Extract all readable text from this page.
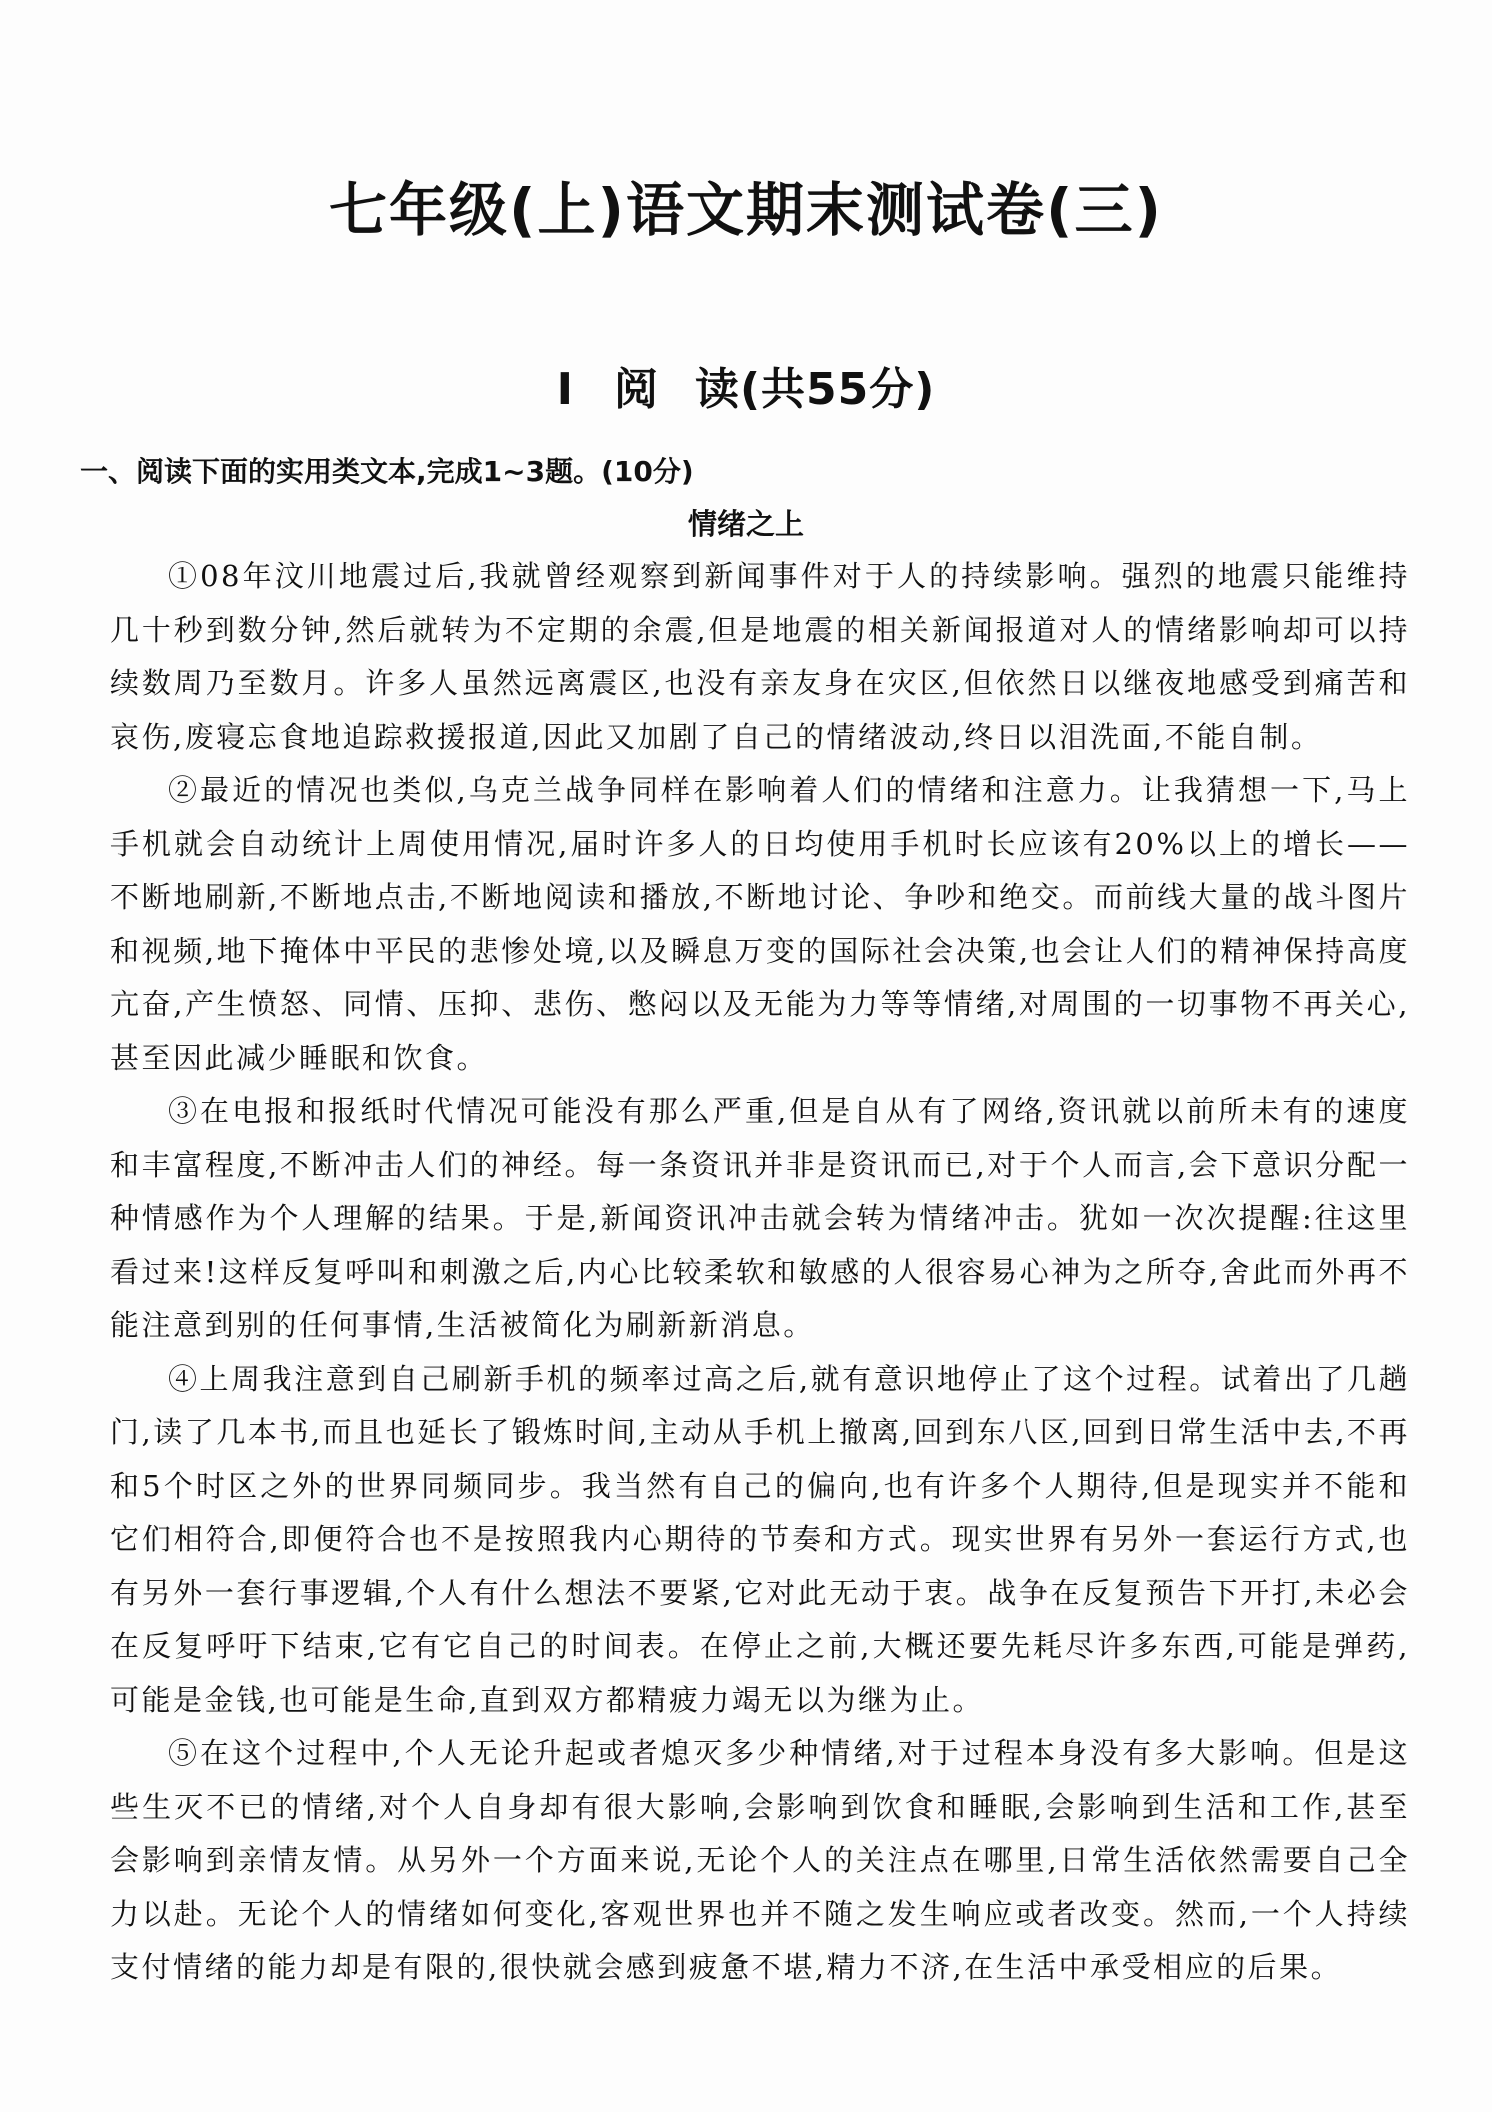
七年级(上)语文期末测试卷(三)
I 阅 读(共55分)
一、阅读下面的实用类文本,完成1~3题。(10分)
情绪之上

①08年汶川地震过后,我就曾经观察到新闻事件对于人的持续影响。强烈的地震只能维持几十秒到数分钟,然后就转为不定期的余震,但是地震的相关新闻报道对人的情绪影响却可以持续数周乃至数月。许多人虽然远离震区,也没有亲友身在灾区,但依然日以继夜地感受到痛苦和哀伤,废寝忘食地追踪救援报道,因此又加剧了自己的情绪波动,终日以泪洗面,不能自制。

②最近的情况也类似,乌克兰战争同样在影响着人们的情绪和注意力。让我猜想一下,马上手机就会自动统计上周使用情况,届时许多人的日均使用手机时长应该有20%以上的增长——不断地刷新,不断地点击,不断地阅读和播放,不断地讨论、争吵和绝交。而前线大量的战斗图片和视频,地下掩体中平民的悲惨处境,以及瞬息万变的国际社会决策,也会让人们的精神保持高度亢奋,产生愤怒、同情、压抑、悲伤、憋闷以及无能为力等等情绪,对周围的一切事物不再关心,甚至因此减少睡眠和饮食。

③在电报和报纸时代情况可能没有那么严重,但是自从有了网络,资讯就以前所未有的速度和丰富程度,不断冲击人们的神经。每一条资讯并非是资讯而已,对于个人而言,会下意识分配一种情感作为个人理解的结果。于是,新闻资讯冲击就会转为情绪冲击。犹如一次次提醒:往这里看过来!这样反复呼叫和刺激之后,内心比较柔软和敏感的人很容易心神为之所夺,舍此而外再不能注意到别的任何事情,生活被简化为刷新新消息。

④上周我注意到自己刷新手机的频率过高之后,就有意识地停止了这个过程。试着出了几趟门,读了几本书,而且也延长了锻炼时间,主动从手机上撤离,回到东八区,回到日常生活中去,不再和5个时区之外的世界同频同步。我当然有自己的偏向,也有许多个人期待,但是现实并不能和它们相符合,即便符合也不是按照我内心期待的节奏和方式。现实世界有另外一套运行方式,也有另外一套行事逻辑,个人有什么想法不要紧,它对此无动于衷。战争在反复预告下开打,未必会在反复呼吁下结束,它有它自己的时间表。在停止之前,大概还要先耗尽许多东西,可能是弹药,可能是金钱,也可能是生命,直到双方都精疲力竭无以为继为止。

⑤在这个过程中,个人无论升起或者熄灭多少种情绪,对于过程本身没有多大影响。但是这些生灭不已的情绪,对个人自身却有很大影响,会影响到饮食和睡眠,会影响到生活和工作,甚至会影响到亲情友情。从另外一个方面来说,无论个人的关注点在哪里,日常生活依然需要自己全力以赴。无论个人的情绪如何变化,客观世界也并不随之发生响应或者改变。然而,一个人持续支付情绪的能力却是有限的,很快就会感到疲惫不堪,精力不济,在生活中承受相应的后果。
